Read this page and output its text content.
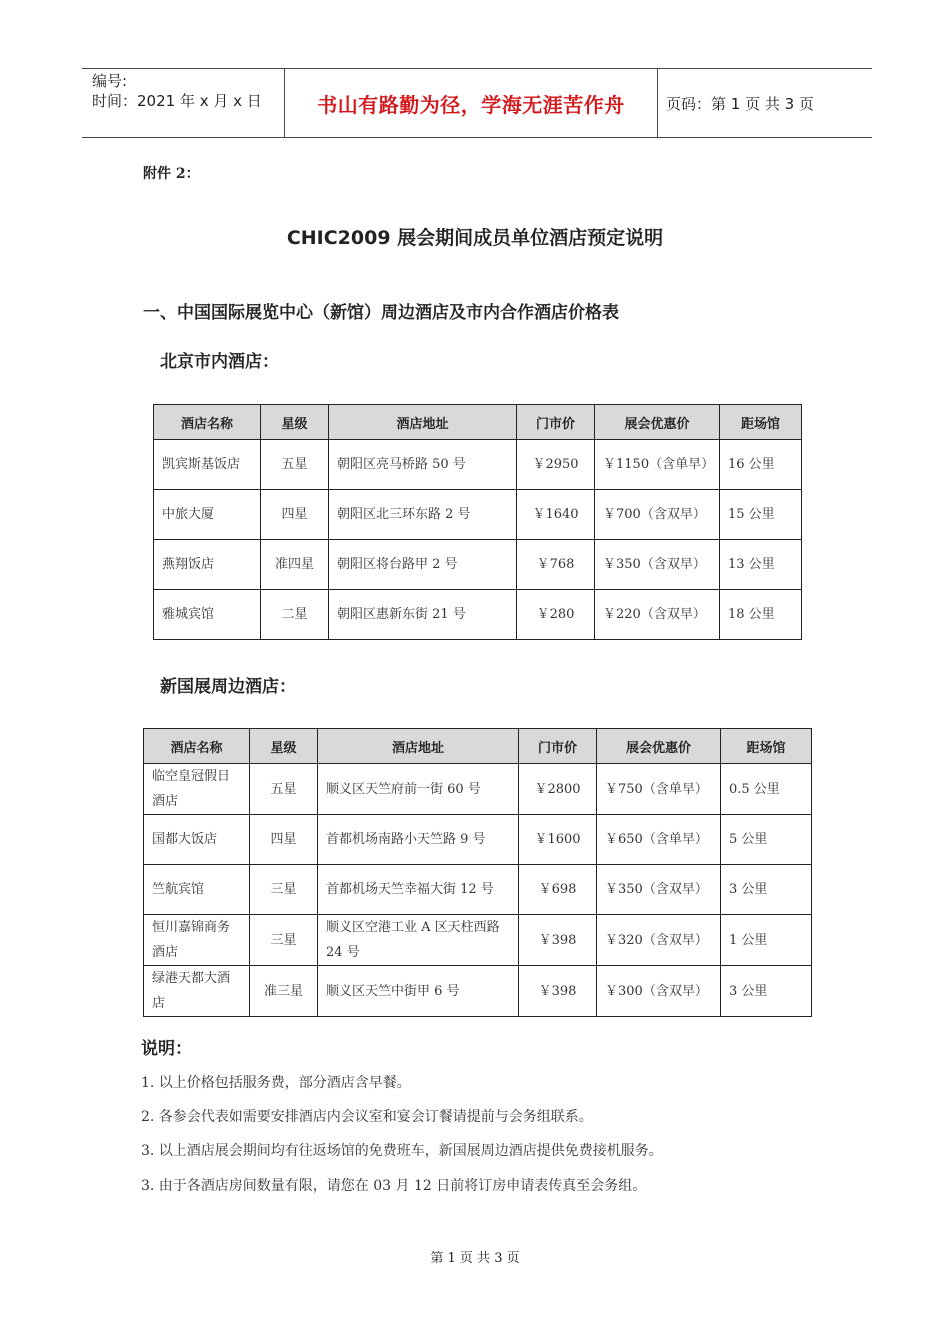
编号:
时间：2021 年 x 月 x 日	书山有路勤为径，学海无涯苦作舟	页码：第 1 页 共 3 页
附件 2：
CHIC2009 展会期间成员单位酒店预定说明
一、中国国际展览中心（新馆）周边酒店及市内合作酒店价格表
北京市内酒店：
酒店名称	星级	酒店地址	门市价	展会优惠价	距场馆
凯宾斯基饭店	五星	朝阳区亮马桥路 50 号	￥2950	￥1150（含单早）	16 公里
中旅大厦	四星	朝阳区北三环东路 2 号	￥1640	￥700（含双早）	15 公里
燕翔饭店	准四星	朝阳区将台路甲 2 号	￥768	￥350（含双早）	13 公里
雅城宾馆	二星	朝阳区惠新东街 21 号	￥280	￥220（含双早）	18 公里
新国展周边酒店：
酒店名称	星级	酒店地址	门市价	展会优惠价	距场馆
临空皇冠假日酒店	五星	顺义区天竺府前一街 60 号	￥2800	￥750（含单早）	0.5 公里
国都大饭店	四星	首都机场南路小天竺路 9 号	￥1600	￥650（含单早）	5 公里
竺航宾馆	三星	首都机场天竺幸福大街 12 号	￥698	￥350（含双早）	3 公里
恒川嘉锦商务酒店	三星	顺义区空港工业 A 区天柱西路 24 号	￥398	￥320（含双早）	1 公里
绿港天都大酒店	准三星	顺义区天竺中街甲 6 号	￥398	￥300（含双早）	3 公里
说明：
1. 以上价格包括服务费，部分酒店含早餐。
2. 各参会代表如需要安排酒店内会议室和宴会订餐请提前与会务组联系。
3. 以上酒店展会期间均有往返场馆的免费班车，新国展周边酒店提供免费接机服务。
3. 由于各酒店房间数量有限，请您在 03 月 12 日前将订房申请表传真至会务组。
第 1 页 共 3 页
